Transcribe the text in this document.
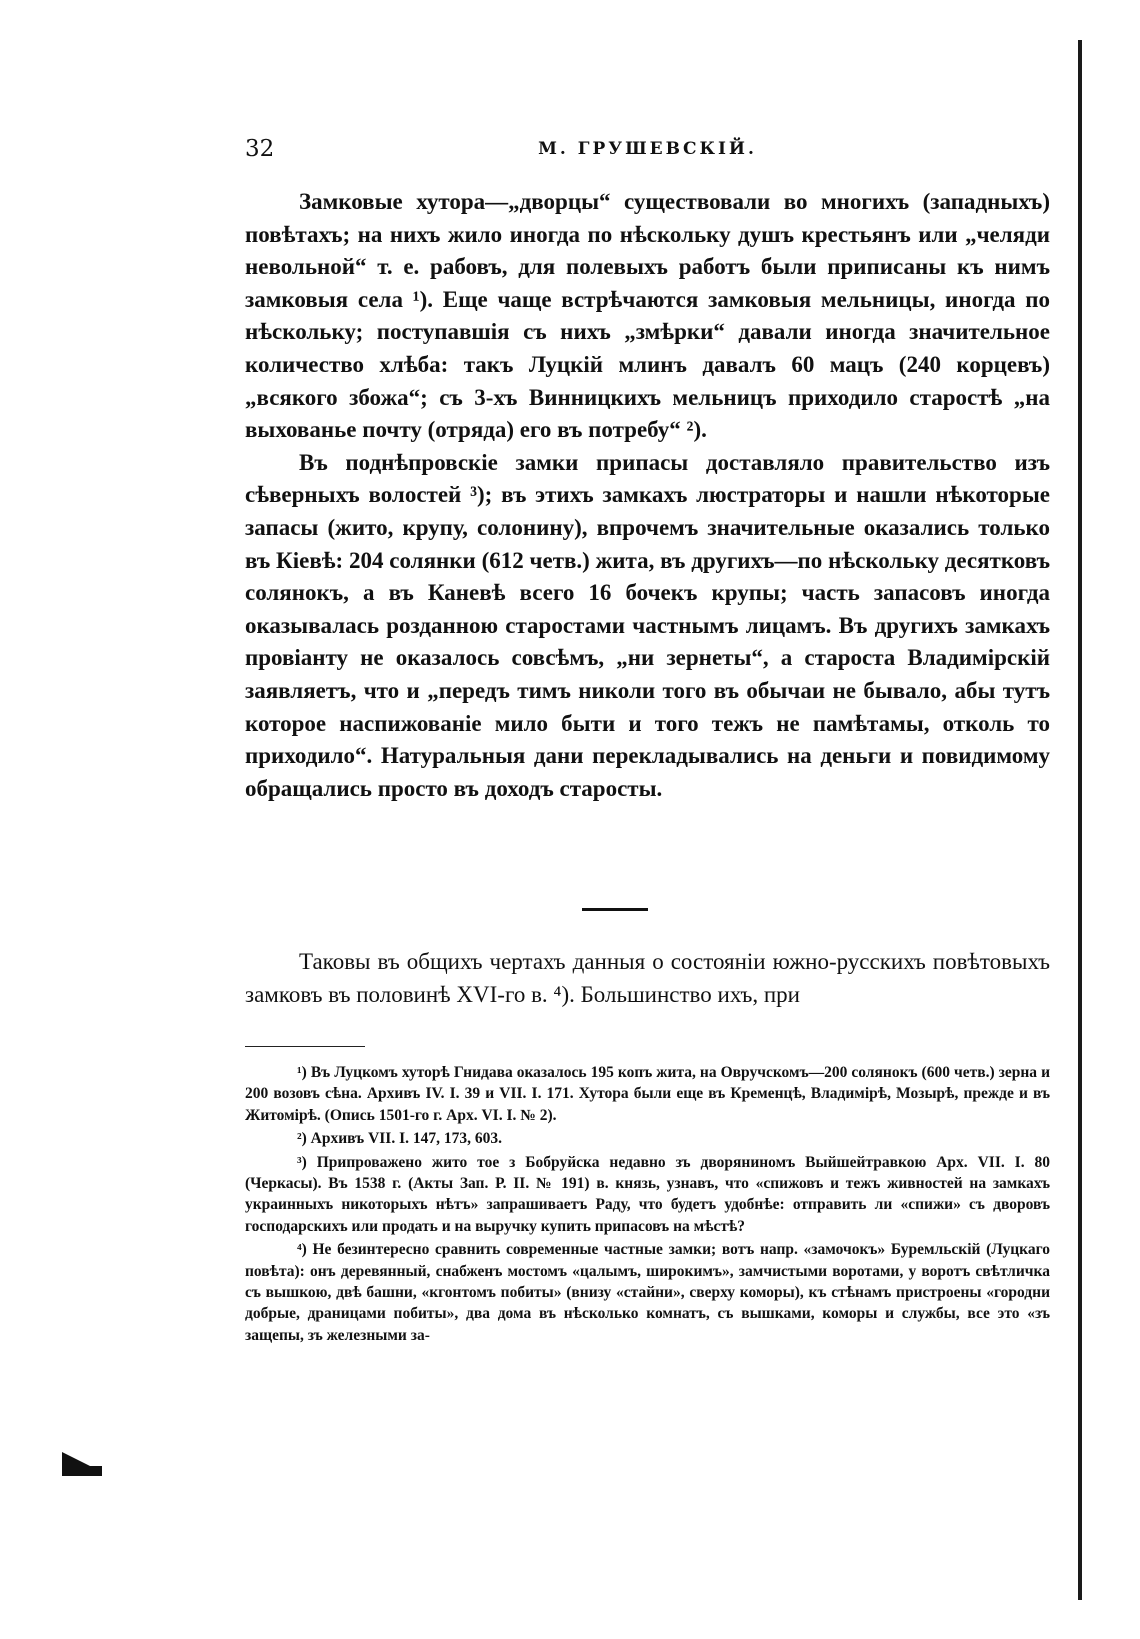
32	М. ГРУШЕВСКІЙ.

Замковые хутора—„дворцы“ существовали во многихъ (западныхъ) повѣтахъ; на нихъ жило иногда по нѣскольку душъ крестьянъ или „челяди невольной“ т. е. рабовъ, для полевыхъ работъ были приписаны къ нимъ замковыя села ¹). Еще чаще встрѣчаются замковыя мельницы, иногда по нѣскольку; поступавшія съ нихъ „змѣрки“ давали иногда значительное количество хлѣба: такъ Луцкій млинъ давалъ 60 мацъ (240 корцевъ) „всякого збожа“; съ 3-хъ Винницкихъ мельницъ приходило старостѣ „на выхованье почту (отряда) его въ потребу“ ²).

Въ поднѣпровскіе замки припасы доставляло правительство изъ сѣверныхъ волостей ³); въ этихъ замкахъ люстраторы и нашли нѣкоторые запасы (жито, крупу, солонину), впрочемъ значительные оказались только въ Кіевѣ: 204 солянки (612 четв.) жита, въ другихъ—по нѣскольку десятковъ солянокъ, а въ Каневѣ всего 16 бочекъ крупы; часть запасовъ иногда оказывалась розданною старостами частнымъ лицамъ. Въ другихъ замкахъ провіанту не оказалось совсѣмъ, „ни зернеты“, а староста Владимірскій заявляетъ, что и „передъ тимъ николи того въ обычаи не бывало, абы тутъ которое наспижованіе мило быти и того тежъ не памѣтамы, отколь то приходило“. Натуральныя дани перекладывались на деньги и повидимому обращались просто въ доходъ старосты.

Таковы въ общихъ чертахъ данныя о состояніи южно-русскихъ повѣтовыхъ замковъ въ половинѣ XVI-го в. ⁴). Большинство ихъ, при

¹) Въ Луцкомъ хуторѣ Гнидава оказалось 195 копъ жита, на Овручскомъ—200 солянокъ (600 четв.) зерна и 200 возовъ сѣна. Архивъ IV. I. 39 и VII. I. 171. Хутора были еще въ Кременцѣ, Владимірѣ, Мозырѣ, прежде и въ Житомірѣ. (Опись 1501-го г. Арх. VI. I. № 2).

²) Архивъ VII. I. 147, 173, 603.

³) Припроважено жито тое з Бобруйска недавно зъ дворяниномъ Выйшейтравкою Арх. VII. I. 80 (Черкасы). Въ 1538 г. (Акты Зап. Р. II. № 191) в. князь, узнавъ, что «спижовъ и тежъ живностей на замкахъ украинныхъ никоторыхъ нѣтъ» запрашиваетъ Раду, что будетъ удобнѣе: отправить ли «спижи» съ дворовъ господарскихъ или продать и на выручку купить припасовъ на мѣстѣ?

⁴) Не безинтересно сравнить современные частные замки; вотъ напр. «замочокъ» Буремльскій (Луцкаго повѣта): онъ деревянный, снабженъ мостомъ «цалымъ, широкимъ», замчистыми воротами, у воротъ свѣтличка съ вышкою, двѣ башни, «кгонтомъ побиты» (внизу «стайни», сверху коморы), къ стѣнамъ пристроены «городни добрые, драницами побиты», два дома въ нѣсколько комнатъ, съ вышками, коморы и службы, все это «зъ защепы, зъ железными за-
